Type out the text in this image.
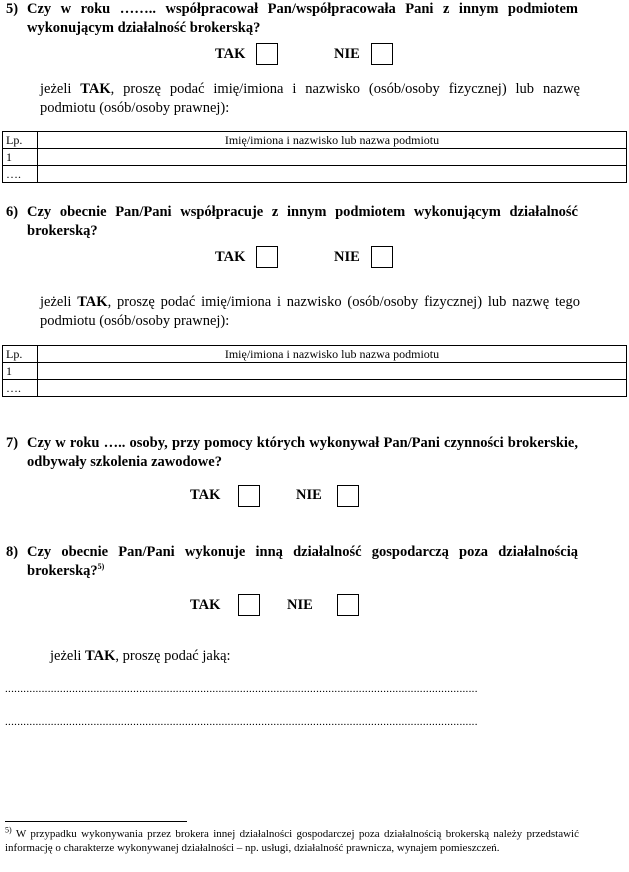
5) Czy w roku …….. współpracował Pan/współpracowała Pani z innym podmiotem wykonującym działalność brokerską?
TAK	NIE
jeżeli TAK, proszę podać imię/imiona i nazwisko (osób/osoby fizycznej) lub nazwę podmiotu (osób/osoby prawnej):
Lp.	Imię/imiona i nazwisko lub nazwa podmiotu
1	
….	
6) Czy obecnie Pan/Pani współpracuje z innym podmiotem wykonującym działalność brokerską?
TAK	NIE
jeżeli TAK, proszę podać imię/imiona i nazwisko (osób/osoby fizycznej) lub nazwę tego podmiotu (osób/osoby prawnej):
Lp.	Imię/imiona i nazwisko lub nazwa podmiotu
1	
….	
7) Czy w roku ….. osoby, przy pomocy których wykonywał Pan/Pani czynności brokerskie, odbywały szkolenia zawodowe?
TAK	NIE
8) Czy obecnie Pan/Pani wykonuje inną działalność gospodarczą poza działalnością brokerską?$^{5)}$
TAK	NIE
jeżeli TAK, proszę podać jaką:
...........................................................................................................................................................
...........................................................................................................................................................
$^{5)}$ W przypadku wykonywania przez brokera innej działalności gospodarczej poza działalnością brokerską należy przedstawić informację o charakterze wykonywanej działalności – np. usługi, działalność prawnicza, wynajem pomieszczeń.
